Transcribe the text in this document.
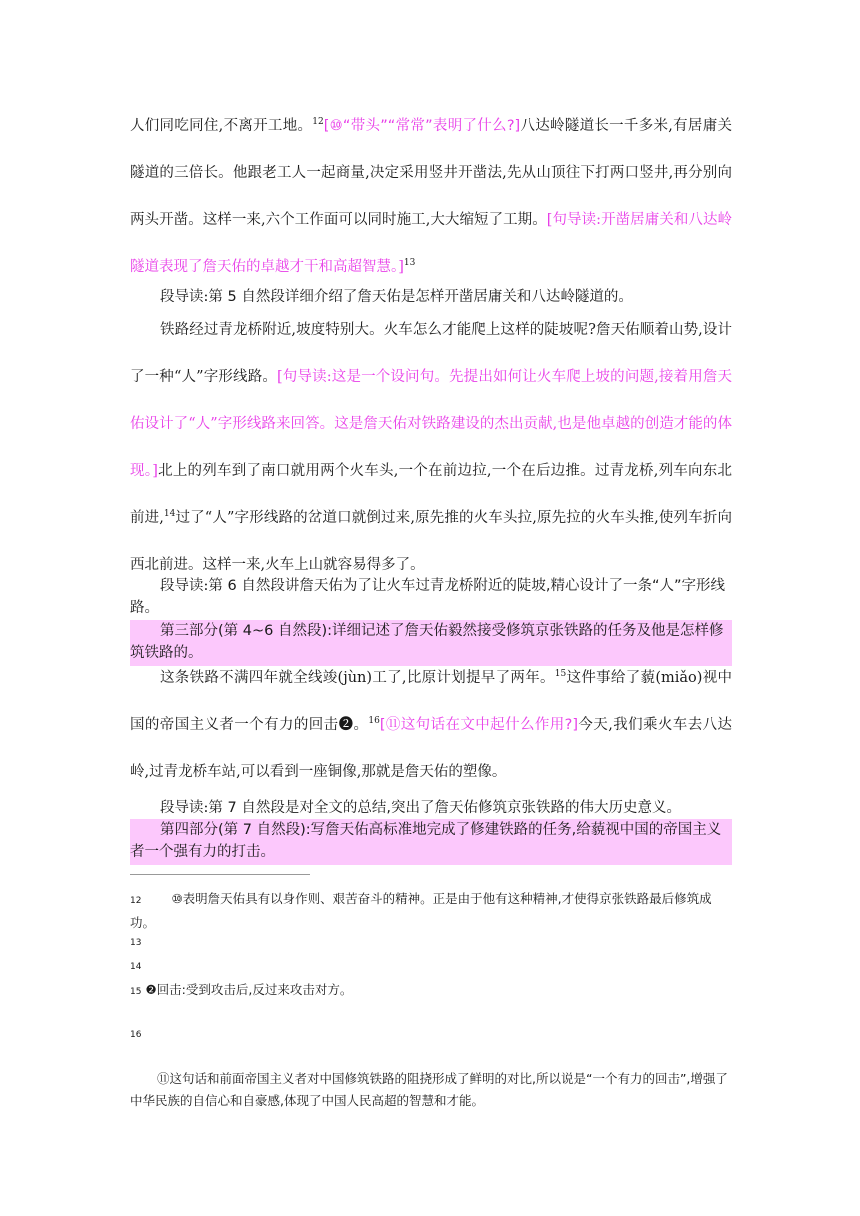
人们同吃同住,不离开工地。$^{12}$[⑩“带头”“常常”表明了什么?]八达岭隧道长一千多米,有居庸关隧道的三倍长。他跟老工人一起商量,决定采用竖井开凿法,先从山顶往下打两口竖井,再分别向两头开凿。这样一来,六个工作面可以同时施工,大大缩短了工期。[句导读:开凿居庸关和八达岭隧道表现了詹天佑的卓越才干和高超智慧。]$^{13}$

段导读:第 5 自然段详细介绍了詹天佑是怎样开凿居庸关和八达岭隧道的。

铁路经过青龙桥附近,坡度特别大。火车怎么才能爬上这样的陡坡呢?詹天佑顺着山势,设计了一种“人”字形线路。[句导读:这是一个设问句。先提出如何让火车爬上坡的问题,接着用詹天佑设计了“人”字形线路来回答。这是詹天佑对铁路建设的杰出贡献,也是他卓越的创造才能的体现。]北上的列车到了南口就用两个火车头,一个在前边拉,一个在后边推。过青龙桥,列车向东北前进,$^{14}$过了“人”字形线路的岔道口就倒过来,原先推的火车头拉,原先拉的火车头推,使列车折向西北前进。这样一来,火车上山就容易得多了。

段导读:第 6 自然段讲詹天佑为了让火车过青龙桥附近的陡坡,精心设计了一条“人”字形线路。

第三部分(第 4~6 自然段):详细记述了詹天佑毅然接受修筑京张铁路的任务及他是怎样修筑铁路的。

这条铁路不满四年就全线竣(jùn)工了,比原计划提早了两年。$^{15}$这件事给了藐(miǎo)视中国的帝国主义者一个有力的回击❷。$^{16}$[⑪这句话在文中起什么作用?]今天,我们乘火车去八达岭,过青龙桥车站,可以看到一座铜像,那就是詹天佑的塑像。

段导读:第 7 自然段是对全文的总结,突出了詹天佑修筑京张铁路的伟大历史意义。

第四部分(第 7 自然段):写詹天佑高标准地完成了修建铁路的任务,给藐视中国的帝国主义者一个强有力的打击。

12 ⑩表明詹天佑具有以身作则、艰苦奋斗的精神。正是由于他有这种精神,才使得京张铁路最后修筑成功。

13

14

15 ❷回击:受到攻击后,反过来攻击对方。

16

⑪这句话和前面帝国主义者对中国修筑铁路的阻挠形成了鲜明的对比,所以说是“一个有力的回击”,增强了中华民族的自信心和自豪感,体现了中国人民高超的智慧和才能。
